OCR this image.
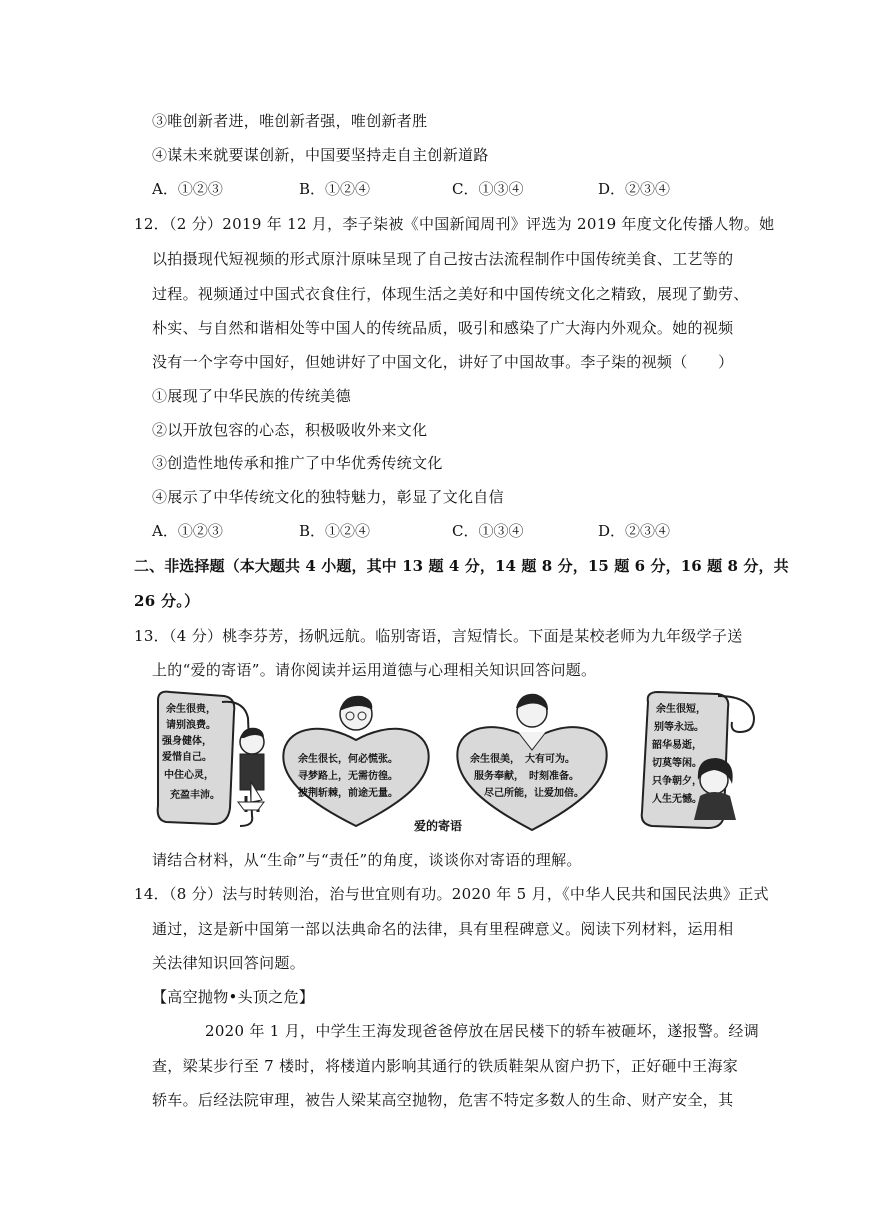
③唯创新者进，唯创新者强，唯创新者胜
④谋未来就要谋创新，中国要坚持走自主创新道路
A．①②③	B．①②④	C．①③④	D．②③④
12．（2 分）2019 年 12 月，李子柒被《中国新闻周刊》评选为 2019 年度文化传播人物。她
以拍摄现代短视频的形式原汁原味呈现了自己按古法流程制作中国传统美食、工艺等的
过程。视频通过中国式衣食住行，体现生活之美好和中国传统文化之精致，展现了勤劳、
朴实、与自然和谐相处等中国人的传统品质，吸引和感染了广大海内外观众。她的视频
没有一个字夸中国好，但她讲好了中国文化，讲好了中国故事。李子柒的视频（　　）
①展现了中华民族的传统美德
②以开放包容的心态，积极吸收外来文化
③创造性地传承和推广了中华优秀传统文化
④展示了中华传统文化的独特魅力，彰显了文化自信
A．①②③	B．①②④	C．①③④	D．②③④
二、非选择题（本大题共 4 小题，其中 13 题 4 分，14 题 8 分，15 题 6 分，16 题 8 分，共
26 分。）
13．（4 分）桃李芬芳，扬帆远航。临别寄语，言短情长。下面是某校老师为九年级学子送
上的“爱的寄语”。请你阅读并运用道德与心理相关知识回答问题。
余生很贵，
请别浪费。
强身健体，
爱惜自己。
中住心灵，
充盈丰沛。
余生很长，何必慌张。
寻梦路上，无需彷徨。
披荆斩棘，前途无量。
爱的寄语
余生很美，　大有可为。
服务奉献，　时刻准备。
尽己所能，让爱加倍。
余生很短，
别等永远。
韶华易逝，
切莫等闲。
只争朝夕，
人生无憾。
请结合材料，从“生命”与“责任”的角度，谈谈你对寄语的理解。
14．（8 分）法与时转则治，治与世宜则有功。2020 年 5 月，《中华人民共和国民法典》正式
通过，这是新中国第一部以法典命名的法律，具有里程碑意义。阅读下列材料，运用相
关法律知识回答问题。
【高空抛物•头顶之危】
2020 年 1 月，中学生王海发现爸爸停放在居民楼下的轿车被砸坏，遂报警。经调
查，梁某步行至 7 楼时，将楼道内影响其通行的铁质鞋架从窗户扔下，正好砸中王海家
轿车。后经法院审理，被告人梁某高空抛物，危害不特定多数人的生命、财产安全，其
